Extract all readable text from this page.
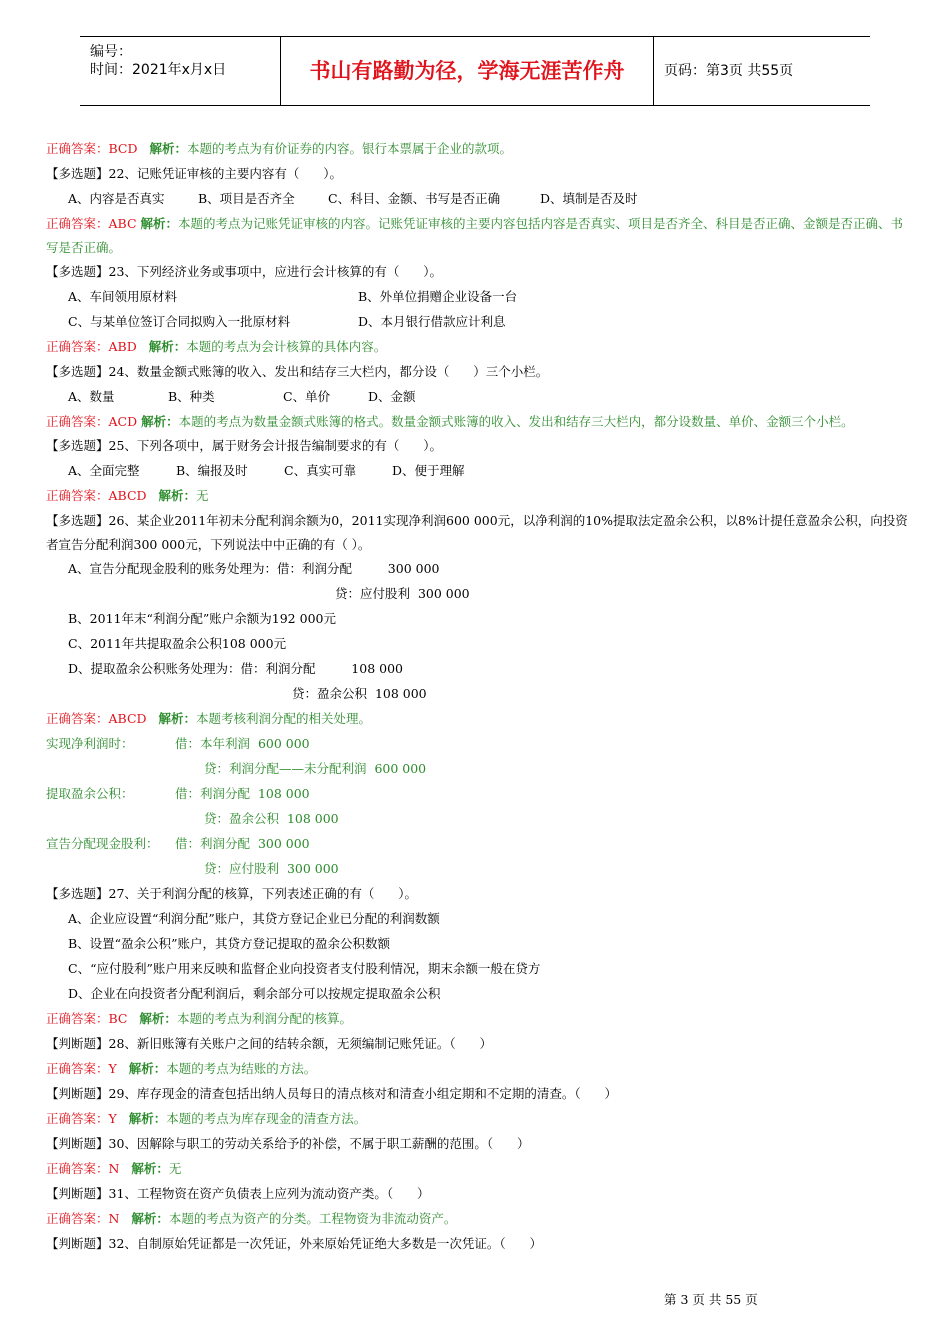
编号：
时间：2021年x月x日	书山有路勤为径，学海无涯苦作舟	页码：第3页 共55页
正确答案：BCD 解析：本题的考点为有价证券的内容。银行本票属于企业的款项。
【多选题】22、记账凭证审核的主要内容有（      ）。
A、内容是否真实	B、项目是否齐全	C、科目、金额、书写是否正确	D、填制是否及时
正确答案：ABC 解析：本题的考点为记账凭证审核的内容。记账凭证审核的主要内容包括内容是否真实、项目是否齐全、科目是否正确、金额是否正确、书写是否正确。
【多选题】23、下列经济业务或事项中，应进行会计核算的有（      ）。
A、车间领用原材料	B、外单位捐赠企业设备一台
C、与某单位签订合同拟购入一批原材料	D、本月银行借款应计利息
正确答案：ABD 解析：本题的考点为会计核算的具体内容。
【多选题】24、数量金额式账簿的收入、发出和结存三大栏内，都分设（      ）三个小栏。
A、数量	B、种类	C、单价	D、金额
正确答案：ACD 解析：本题的考点为数量金额式账簿的格式。数量金额式账簿的收入、发出和结存三大栏内，都分设数量、单价、金额三个小栏。
【多选题】25、下列各项中，属于财务会计报告编制要求的有（      ）。
A、全面完整	B、编报及时	C、真实可靠	D、便于理解
正确答案：ABCD 解析：无
【多选题】26、某企业2011年初未分配利润余额为0，2011实现净利润600 000元，以净利润的10%提取法定盈余公积，以8%计提任意盈余公积，向投资者宣告分配利润300 000元，下列说法中中正确的有（ ）。
A、宣告分配现金股利的账务处理为：借：利润分配         300 000
贷：应付股利  300 000
B、2011年末“利润分配”账户余额为192 000元
C、2011年共提取盈余公积108 000元
D、提取盈余公积账务处理为：借：利润分配         108 000
贷：盈余公积  108 000
正确答案：ABCD 解析：本题考核利润分配的相关处理。
实现净利润时：	借：本年利润  600 000
贷：利润分配——未分配利润  600 000
提取盈余公积：	借：利润分配  108 000
贷：盈余公积  108 000
宣告分配现金股利： 借：利润分配  300 000
贷：应付股利  300 000
【多选题】27、关于利润分配的核算，下列表述正确的有（      ）。
A、企业应设置“利润分配”账户，其贷方登记企业已分配的利润数额
B、设置“盈余公积”账户，其贷方登记提取的盈余公积数额
C、“应付股利”账户用来反映和监督企业向投资者支付股利情况，期末余额一般在贷方
D、企业在向投资者分配利润后，剩余部分可以按规定提取盈余公积
正确答案：BC 解析：本题的考点为利润分配的核算。
【判断题】28、新旧账簿有关账户之间的结转余额，无须编制记账凭证。（      ）
正确答案：Y 解析：本题的考点为结账的方法。
【判断题】29、库存现金的清查包括出纳人员每日的清点核对和清查小组定期和不定期的清查。（      ）
正确答案：Y 解析：本题的考点为库存现金的清查方法。
【判断题】30、因解除与职工的劳动关系给予的补偿，不属于职工薪酬的范围。（      ）
正确答案：N 解析：无
【判断题】31、工程物资在资产负债表上应列为流动资产类。（      ）
正确答案：N 解析：本题的考点为资产的分类。工程物资为非流动资产。
【判断题】32、自制原始凭证都是一次凭证，外来原始凭证绝大多数是一次凭证。（      ）
第 3 页 共 55 页
